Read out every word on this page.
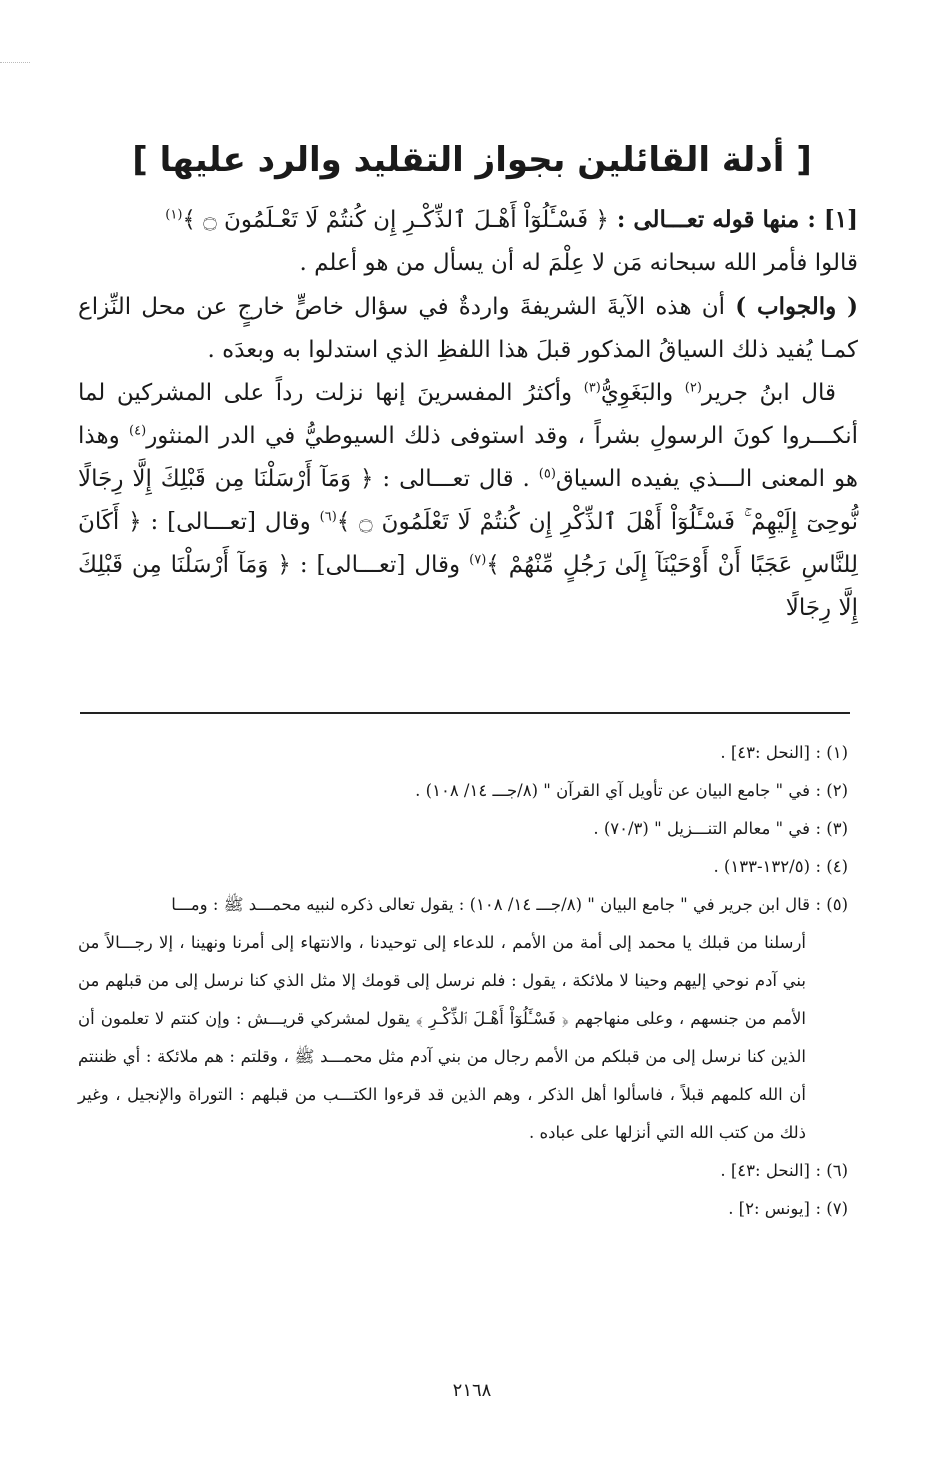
[ أدلة القائلين بجواز التقليد والرد عليها ]

[١] : منها قوله تعـــالى : ﴿ فَسْـَٔلُوٓاْ أَهْـلَ ٱلذِّكْـرِ إِن كُنتُمْ لَا تَعْـلَمُونَ ۝ ﴾$^{(١)}$

قالوا فأمر الله سبحانه مَن لا عِلْمَ له أن يسأل من هو أعلم .

( والجواب ) أن هذه الآيةَ الشريفةَ واردةٌ في سؤال خاصٍّ خارجٍ عن محل النِّزاع كمـا يُفيد ذلك السياقُ المذكور قبلَ هذا اللفظِ الذي استدلوا به وبعدَه .

قال ابنُ جرير$^{(٢)}$ والبَغَوِيُّ$^{(٣)}$ وأكثرُ المفسرينَ إنها نزلت رداً على المشركين لما أنكـــروا كونَ الرسولِ بشراً ، وقد استوفى ذلك السيوطيُّ في الدر المنثور$^{(٤)}$ وهذا هو المعنى الـــذي يفيده السياق$^{(٥)}$ . قال تعـــالى : ﴿ وَمَآ أَرْسَلْنَا مِن قَبْلِكَ إِلَّا رِجَالًا نُّوحِىٓ إِلَيْهِمْ ۚ فَسْـَٔلُوٓاْ أَهْلَ ٱلذِّكْرِ إِن كُنتُمْ لَا تَعْلَمُونَ ۝ ﴾$^{(٦)}$ وقال [تعـــالى] : ﴿ أَكَانَ لِلنَّاسِ عَجَبًا أَنْ أَوْحَيْنَآ إِلَىٰ رَجُلٍ مِّنْهُمْ ﴾$^{(٧)}$ وقال [تعـــالى] : ﴿ وَمَآ أَرْسَلْنَا مِن قَبْلِكَ إِلَّا رِجَالًا

(١) :
[النحل :٤٣] .
(٢) :
في " جامع البيان عن تأويل آي القرآن " (٨/جـــ ١٤/ ١٠٨) .
(٣) :
في " معالم التنـــزيل " (٧٠/٣) .
(٤) :
(١٣٢/٥-١٣٣) .
(٥) :
قال ابن جرير في " جامع البيان " (٨/جـــ ١٤/ ١٠٨) : يقول تعالى ذكره لنبيه محمـــد ﷺ : ومـــا
أرسلنا من قبلك يا محمد إلى أمة من الأمم ، للدعاء إلى توحيدنا ، والانتهاء إلى أمرنا ونهينا ، إلا رجـــالاً من بني آدم نوحي إليهم وحينا لا ملائكة ، يقول : فلم نرسل إلى قومك إلا مثل الذي كنا نرسل إلى من قبلهم من الأمم من جنسهم ، وعلى منهاجهم ﴿ فَسْـَٔلُوٓاْ أَهْـلَ ٱلذِّكْـرِ ﴾ يقول لمشركي قريـــش : وإن كنتم لا تعلمون أن الذين كنا نرسل إلى من قبلكم من الأمم رجال من بني آدم مثل محمـــد ﷺ ، وقلتم : هم ملائكة : أي ظننتم أن الله كلمهم قبلاً ، فاسألوا أهل الذكر ، وهم الذين قد قرءوا الكتـــب من قبلهم : التوراة والإنجيل ، وغير ذلك من كتب الله التي أنزلها على عباده .
(٦) :
[النحل :٤٣] .
(٧) :
[يونس :٢] .
٢١٦٨
